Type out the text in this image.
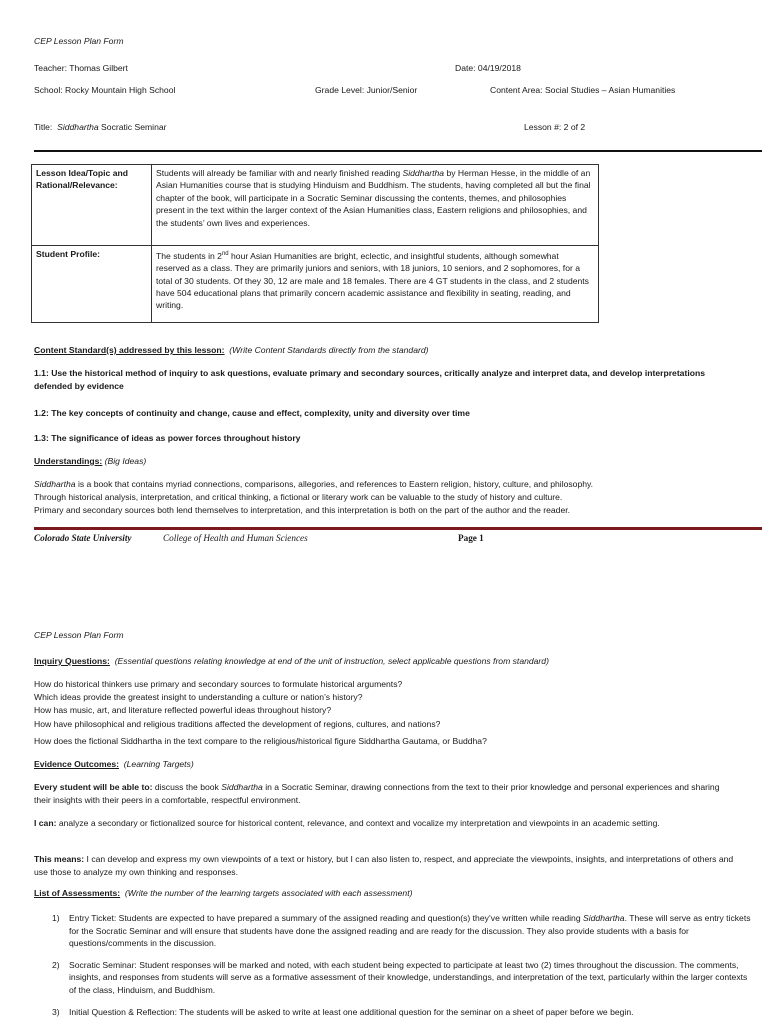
CEP Lesson Plan Form
Teacher: Thomas Gilbert	Date: 04/19/2018
School: Rocky Mountain High School	Grade Level: Junior/Senior	Content Area: Social Studies – Asian Humanities
Title:  Siddhartha Socratic Seminar	Lesson #: 2 of 2
Lesson Idea/Topic and Rational/Relevance:	Students will already be familiar with and nearly finished reading Siddhartha by Herman Hesse, in the middle of an Asian Humanities course that is studying Hinduism and Buddhism. The students, having completed all but the final chapter of the book, will participate in a Socratic Seminar discussing the contents, themes, and philosophies present in the text within the larger context of the Asian Humanities class, Eastern religions and philosophies, and the students’ own lives and experiences.
Student Profile:	The students in 2nd hour Asian Humanities are bright, eclectic, and insightful students, although somewhat reserved as a class. They are primarily juniors and seniors, with 18 juniors, 10 seniors, and 2 sophomores, for a total of 30 students. Of they 30, 12 are male and 18 females. There are 4 GT students in the class, and 2 students have 504 educational plans that primarily concern academic assistance and flexibility in seating, reading, and writing.
Content Standard(s) addressed by this lesson:  (Write Content Standards directly from the standard)
1.1: Use the historical method of inquiry to ask questions, evaluate primary and secondary sources, critically analyze and interpret data, and develop interpretations defended by evidence
1.2: The key concepts of continuity and change, cause and effect, complexity, unity and diversity over time
1.3: The significance of ideas as power forces throughout history
Understandings: (Big Ideas)
Siddhartha is a book that contains myriad connections, comparisons, allegories, and references to Eastern religion, history, culture, and philosophy.
Through historical analysis, interpretation, and critical thinking, a fictional or literary work can be valuable to the study of history and culture.
Primary and secondary sources both lend themselves to interpretation, and this interpretation is both on the part of the author and the reader.
Colorado State University	College of Health and Human Sciences	Page 1
CEP Lesson Plan Form
Inquiry Questions:  (Essential questions relating knowledge at end of the unit of instruction, select applicable questions from standard)
How do historical thinkers use primary and secondary sources to formulate historical arguments?
Which ideas provide the greatest insight to understanding a culture or nation’s history?
How has music, art, and literature reflected powerful ideas throughout history?
How have philosophical and religious traditions affected the development of regions, cultures, and nations?
How does the fictional Siddhartha in the text compare to the religious/historical figure Siddhartha Gautama, or Buddha?
Evidence Outcomes:  (Learning Targets)
Every student will be able to: discuss the book Siddhartha in a Socratic Seminar, drawing connections from the text to their prior knowledge and personal experiences and sharing their insights with their peers in a comfortable, respectful environment.
I can: analyze a secondary or fictionalized source for historical content, relevance, and context and vocalize my interpretation and viewpoints in an academic setting.
This means: I can develop and express my own viewpoints of a text or history, but I can also listen to, respect, and appreciate the viewpoints, insights, and interpretations of others and use those to analyze my own thinking and responses.
List of Assessments:  (Write the number of the learning targets associated with each assessment)
1) Entry Ticket: Students are expected to have prepared a summary of the assigned reading and question(s) they’ve written while reading Siddhartha. These will serve as entry tickets for the Socratic Seminar and will ensure that students have done the assigned reading and are ready for the discussion. They also provide students with a basis for questions/comments in the discussion.
2) Socratic Seminar: Student responses will be marked and noted, with each student being expected to participate at least two (2) times throughout the discussion. The comments, insights, and responses from students will serve as a formative assessment of their knowledge, understandings, and interpretation of the text, particularly within the larger contexts of the class, Hinduism, and Buddhism.
3) Initial Question & Reflection: The students will be asked to write at least one additional question for the seminar on a sheet of paper before we begin.
